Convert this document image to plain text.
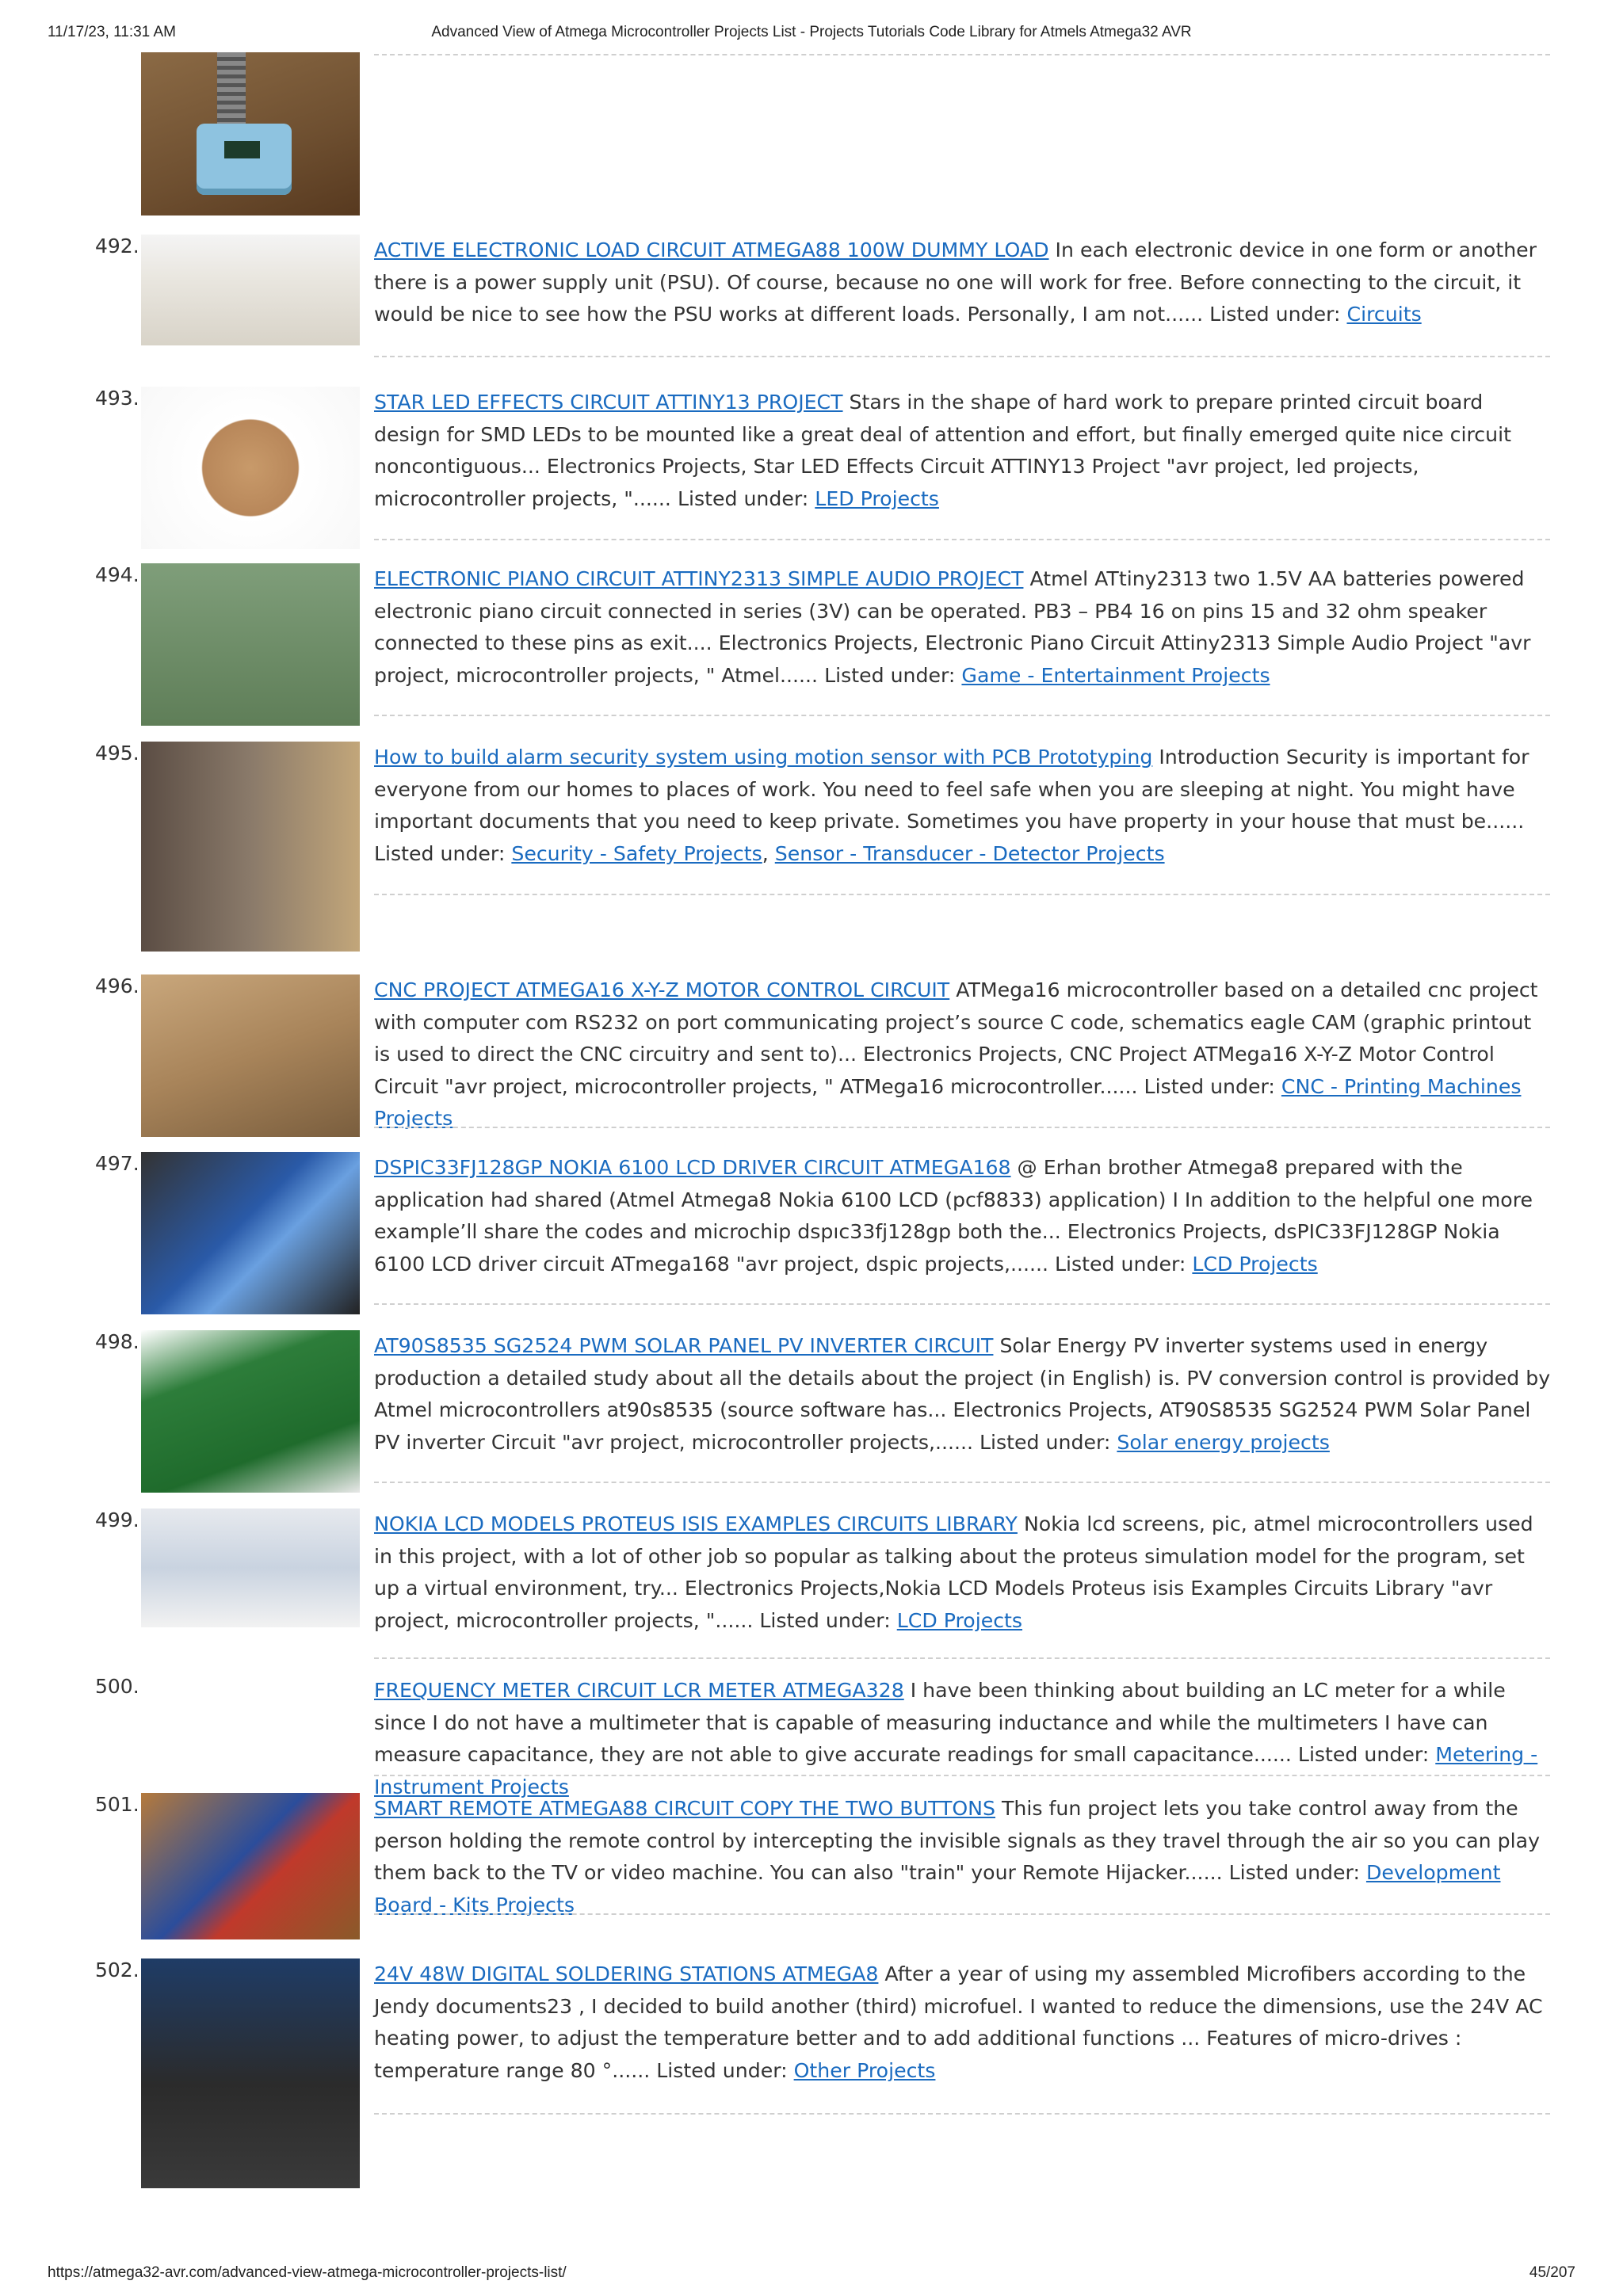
11/17/23, 11:31 AM	Advanced View of Atmega Microcontroller Projects List - Projects Tutorials Code Library for Atmels Atmega32 AVR
492.	ACTIVE ELECTRONIC LOAD CIRCUIT ATMEGA88 100W DUMMY LOAD In each electronic device in one form or another there is a power supply unit (PSU). Of course, because no one will work for free. Before connecting to the circuit, it would be nice to see how the PSU works at different loads. Personally, I am not...... Listed under: Circuits
493.	STAR LED EFFECTS CIRCUIT ATTINY13 PROJECT Stars in the shape of hard work to prepare printed circuit board design for SMD LEDs to be mounted like a great deal of attention and effort, but finally emerged quite nice circuit noncontiguous... Electronics Projects, Star LED Effects Circuit ATTINY13 Project "avr project, led projects, microcontroller projects, "...... Listed under: LED Projects
494.	ELECTRONIC PIANO CIRCUIT ATTINY2313 SIMPLE AUDIO PROJECT Atmel ATtiny2313 two 1.5V AA batteries powered electronic piano circuit connected in series (3V) can be operated. PB3 – PB4 16 on pins 15 and 32 ohm speaker connected to these pins as exit.... Electronics Projects, Electronic Piano Circuit Attiny2313 Simple Audio Project "avr project, microcontroller projects, " Atmel...... Listed under: Game - Entertainment Projects
495.	How to build alarm security system using motion sensor with PCB Prototyping Introduction Security is important for everyone from our homes to places of work. You need to feel safe when you are sleeping at night. You might have important documents that you need to keep private. Sometimes you have property in your house that must be...... Listed under: Security - Safety Projects, Sensor - Transducer - Detector Projects
496.	CNC PROJECT ATMEGA16 X-Y-Z MOTOR CONTROL CIRCUIT ATMega16 microcontroller based on a detailed cnc project with computer com RS232 on port communicating project’s source C code, schematics eagle CAM (graphic printout is used to direct the CNC circuitry and sent to)... Electronics Projects, CNC Project ATMega16 X-Y-Z Motor Control Circuit "avr project, microcontroller projects, " ATMega16 microcontroller...... Listed under: CNC - Printing Machines Projects
497.	DSPIC33FJ128GP NOKIA 6100 LCD DRIVER CIRCUIT ATMEGA168 @ Erhan brother Atmega8 prepared with the application had shared (Atmel Atmega8 Nokia 6100 LCD (pcf8833) application) I In addition to the helpful one more example’ll share the codes and microchip dspıc33fj128gp both the... Electronics Projects, dsPIC33FJ128GP Nokia 6100 LCD driver circuit ATmega168 "avr project, dspic projects,...... Listed under: LCD Projects
498.	AT90S8535 SG2524 PWM SOLAR PANEL PV INVERTER CIRCUIT Solar Energy PV inverter systems used in energy production a detailed study about all the details about the project (in English) is. PV conversion control is provided by Atmel microcontrollers at90s8535 (source software has... Electronics Projects, AT90S8535 SG2524 PWM Solar Panel PV inverter Circuit "avr project, microcontroller projects,...... Listed under: Solar energy projects
499.	NOKIA LCD MODELS PROTEUS ISIS EXAMPLES CIRCUITS LIBRARY Nokia lcd screens, pic, atmel microcontrollers used in this project, with a lot of other job so popular as talking about the proteus simulation model for the program, set up a virtual environment, try... Electronics Projects,Nokia LCD Models Proteus isis Examples Circuits Library "avr project, microcontroller projects, "...... Listed under: LCD Projects
500.	FREQUENCY METER CIRCUIT LCR METER ATMEGA328 I have been thinking about building an LC meter for a while since I do not have a multimeter that is capable of measuring inductance and while the multimeters I have can measure capacitance, they are not able to give accurate readings for small capacitance...... Listed under: Metering - Instrument Projects
501.	SMART REMOTE ATMEGA88 CIRCUIT COPY THE TWO BUTTONS This fun project lets you take control away from the person holding the remote control by intercepting the invisible signals as they travel through the air so you can play them back to the TV or video machine. You can also "train" your Remote Hijacker...... Listed under: Development Board - Kits Projects
502.	24V 48W DIGITAL SOLDERING STATIONS ATMEGA8 After a year of using my assembled Microfibers according to the Jendy documents23 , I decided to build another (third) microfuel. I wanted to reduce the dimensions, use the 24V AC heating power, to adjust the temperature better and to add additional functions ... Features of micro-drives : temperature range 80 °...... Listed under: Other Projects
https://atmega32-avr.com/advanced-view-atmega-microcontroller-projects-list/	45/207
